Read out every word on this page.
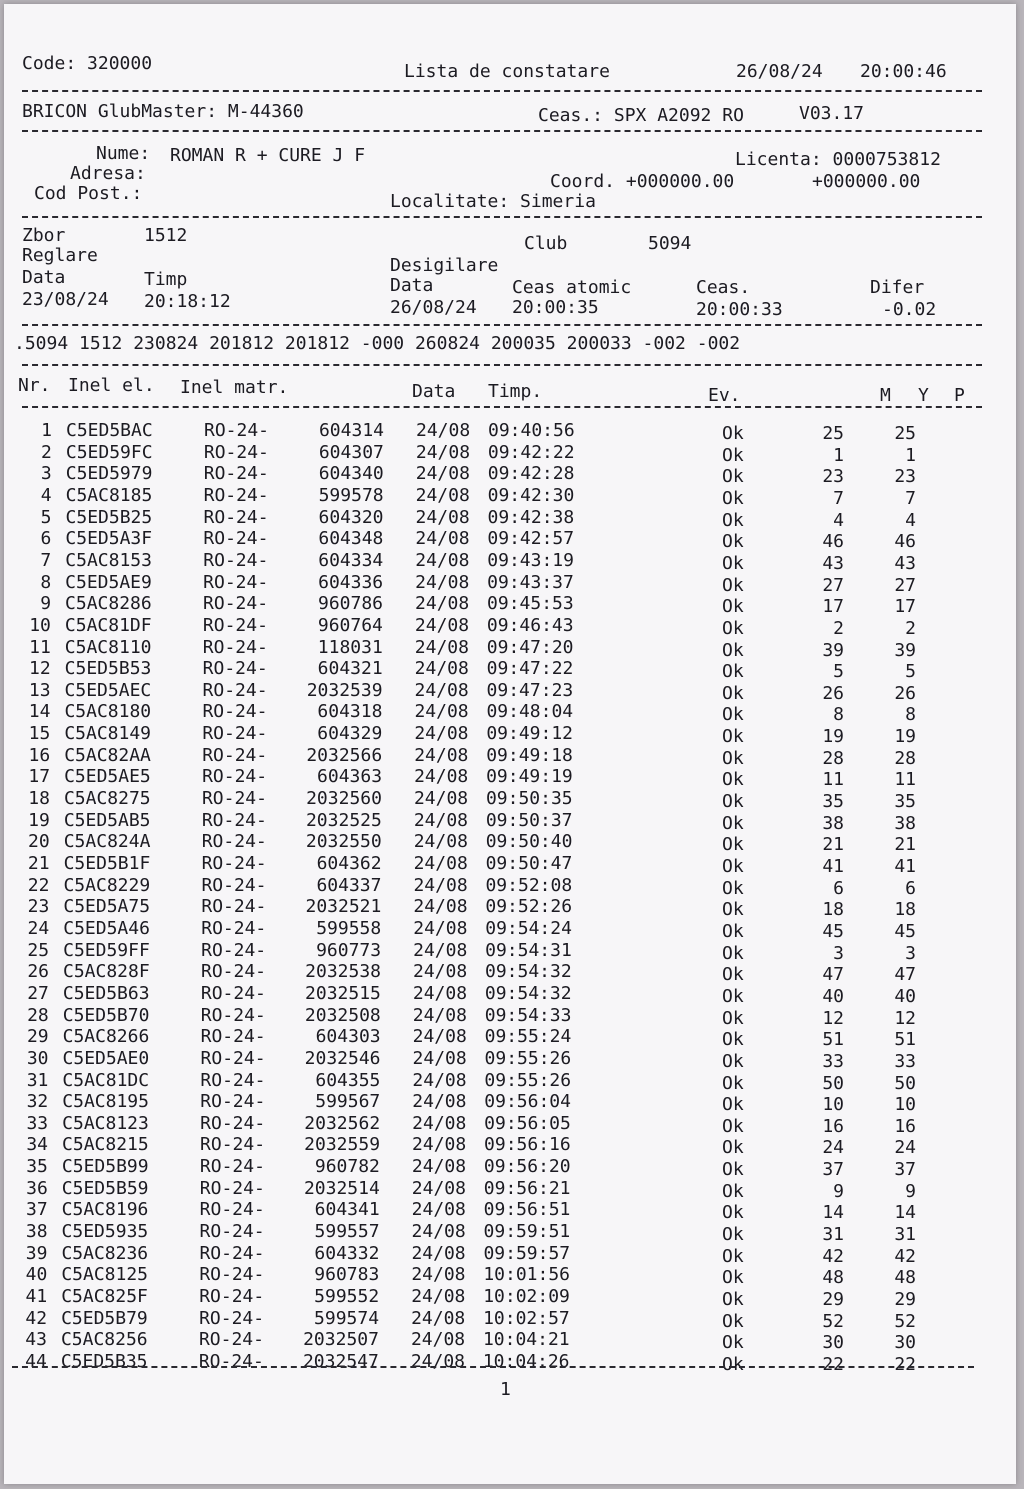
Code: 320000	Lista de constatare	26/08/24 20:00:46
BRICON GlubMaster: M-44360	Ceas.: SPX A2092 RO	V03.17
Nume: ROMAN R + CURE J F	Licenta: 0000753812
Adresa:	Coord. +000000.00	+000000.00
Cod Post.:	Localitate: Simeria
Zbor	1512	Club	5094
Reglare	Desigilare
Data	Timp	Data	Ceas atomic	Ceas.	Difer
23/08/24 20:18:12	26/08/24 20:00:35	20:00:33	-0.02
.5094 1512 230824 201812 201812 -000 260824 200035 200033 -002 -002
Nr. Inel el. Inel matr.	Data Timp.	Ev.	M Y P
1 C5ED5BAC	RO-24-	604314 24/08 09:40:56	Ok	25	25
2 C5ED59FC	RO-24-	604307 24/08 09:42:22	Ok	1	1
3 C5ED5979	RO-24-	604340 24/08 09:42:28	Ok	23	23
4 C5AC8185	RO-24-	599578 24/08 09:42:30	Ok	7	7
5 C5ED5B25	RO-24-	604320 24/08 09:42:38	Ok	4	4
6 C5ED5A3F	RO-24-	604348 24/08 09:42:57	Ok	46	46
7 C5AC8153	RO-24-	604334 24/08 09:43:19	Ok	43	43
8 C5ED5AE9	RO-24-	604336 24/08 09:43:37	Ok	27	27
9 C5AC8286	RO-24-	960786 24/08 09:45:53	Ok	17	17
10 C5AC81DF	RO-24-	960764 24/08 09:46:43	Ok	2	2
11 C5AC8110	RO-24-	118031 24/08 09:47:20	Ok	39	39
12 C5ED5B53	RO-24-	604321 24/08 09:47:22	Ok	5	5
13 C5ED5AEC	RO-24-	2032539 24/08 09:47:23	Ok	26	26
14 C5AC8180	RO-24-	604318 24/08 09:48:04	Ok	8	8
15 C5AC8149	RO-24-	604329 24/08 09:49:12	Ok	19	19
16 C5AC82AA	RO-24-	2032566 24/08 09:49:18	Ok	28	28
17 C5ED5AE5	RO-24-	604363 24/08 09:49:19	Ok	11	11
18 C5AC8275	RO-24-	2032560 24/08 09:50:35	Ok	35	35
19 C5ED5AB5	RO-24-	2032525 24/08 09:50:37	Ok	38	38
20 C5AC824A	RO-24-	2032550 24/08 09:50:40	Ok	21	21
21 C5ED5B1F	RO-24-	604362 24/08 09:50:47	Ok	41	41
22 C5AC8229	RO-24-	604337 24/08 09:52:08	Ok	6	6
23 C5ED5A75	RO-24-	2032521 24/08 09:52:26	Ok	18	18
24 C5ED5A46	RO-24-	599558 24/08 09:54:24	Ok	45	45
25 C5ED59FF	RO-24-	960773 24/08 09:54:31	Ok	3	3
26 C5AC828F	RO-24-	2032538 24/08 09:54:32	Ok	47	47
27 C5ED5B63	RO-24-	2032515 24/08 09:54:32	Ok	40	40
28 C5ED5B70	RO-24-	2032508 24/08 09:54:33	Ok	12	12
29 C5AC8266	RO-24-	604303 24/08 09:55:24	Ok	51	51
30 C5ED5AE0	RO-24-	2032546 24/08 09:55:26	Ok	33	33
31 C5AC81DC	RO-24-	604355 24/08 09:55:26	Ok	50	50
32 C5AC8195	RO-24-	599567 24/08 09:56:04	Ok	10	10
33 C5AC8123	RO-24-	2032562 24/08 09:56:05	Ok	16	16
34 C5AC8215	RO-24-	2032559 24/08 09:56:16	Ok	24	24
35 C5ED5B99	RO-24-	960782 24/08 09:56:20	Ok	37	37
36 C5ED5B59	RO-24-	2032514 24/08 09:56:21	Ok	9	9
37 C5AC8196	RO-24-	604341 24/08 09:56:51	Ok	14	14
38 C5ED5935	RO-24-	599557 24/08 09:59:51	Ok	31	31
39 C5AC8236	RO-24-	604332 24/08 09:59:57	Ok	42	42
40 C5AC8125	RO-24-	960783 24/08 10:01:56	Ok	48	48
41 C5AC825F	RO-24-	599552 24/08 10:02:09	Ok	29	29
42 C5ED5B79	RO-24-	599574 24/08 10:02:57	Ok	52	52
43 C5AC8256	RO-24-	2032507 24/08 10:04:21	Ok	30	30
44 C5ED5B35	RO-24-	2032547 24/08 10:04:26	Ok	22	22
1
